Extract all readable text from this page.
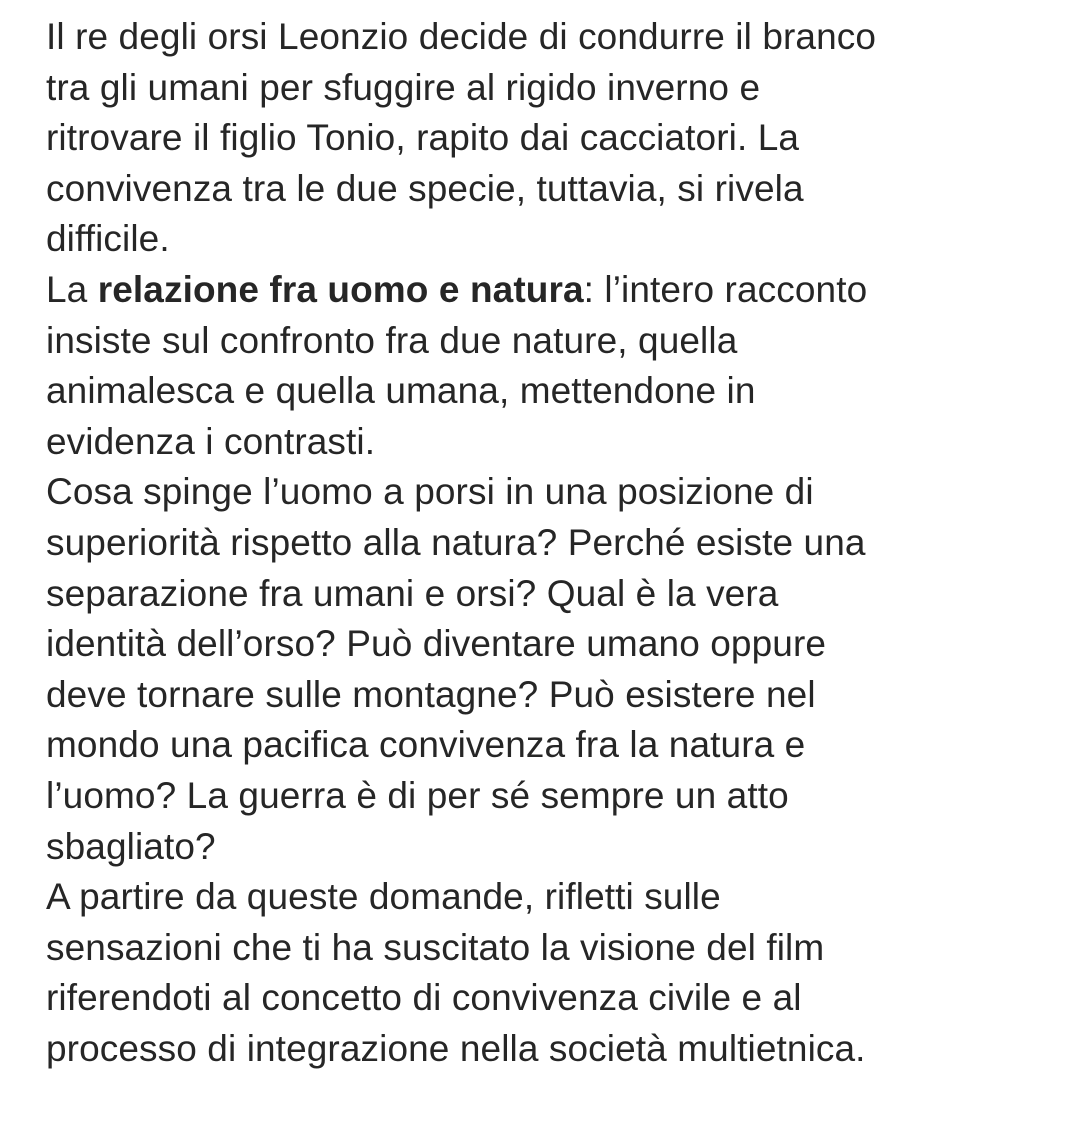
Il re degli orsi Leonzio decide di condurre il branco
tra gli umani per sfuggire al rigido inverno e
ritrovare il figlio Tonio, rapito dai cacciatori. La
convivenza tra le due specie, tuttavia, si rivela
difficile.

La relazione fra uomo e natura: l’intero racconto
insiste sul confronto fra due nature, quella
animalesca e quella umana, mettendone in
evidenza i contrasti.

Cosa spinge l’uomo a porsi in una posizione di
superiorità rispetto alla natura? Perché esiste una
separazione fra umani e orsi? Qual è la vera
identità dell’orso? Può diventare umano oppure
deve tornare sulle montagne? Può esistere nel
mondo una pacifica convivenza fra la natura e
l’uomo? La guerra è di per sé sempre un atto
sbagliato?

A partire da queste domande, rifletti sulle
sensazioni che ti ha suscitato la visione del film
riferendoti al concetto di convivenza civile e al
processo di integrazione nella società multietnica.
